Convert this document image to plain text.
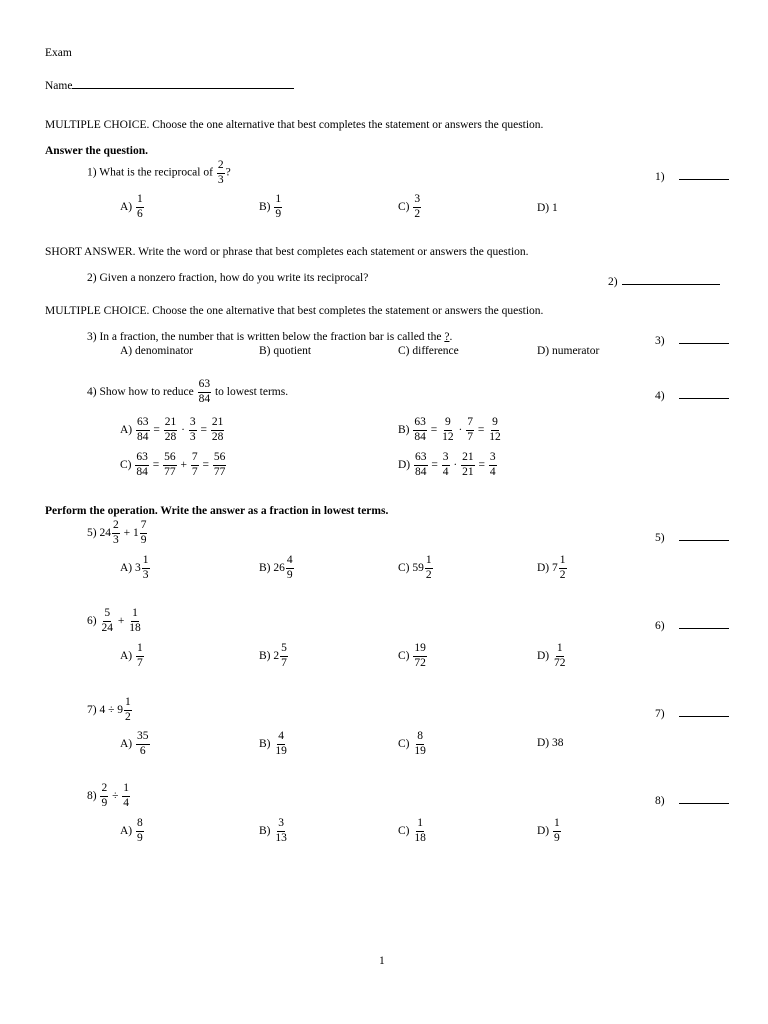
Exam
Name
MULTIPLE CHOICE. Choose the one alternative that best completes the statement or answers the question.
Answer the question.
1) What is the reciprocal of $\frac{2}{3}$ ?	1)
$A) \frac{1}{6}$	$B) \frac{1}{9}$	$C) \frac{3}{2}$	D) 1
SHORT ANSWER. Write the word or phrase that best completes each statement or answers the question.
2) Given a nonzero fraction, how do you write its reciprocal?	2)
MULTIPLE CHOICE. Choose the one alternative that best completes the statement or answers the question.
3) In a fraction, the number that is written below the fraction bar is called the ?.	3)
A) denominator	B) quotient	C) difference	D) numerator
4) Show how to reduce $\frac{63}{84}$ to lowest terms.	4)
$A) \frac{63}{84} = \frac{21}{28} \cdot \frac{3}{3} = \frac{21}{28}$	$B) \frac{63}{84} = \frac{9}{12} \cdot \frac{7}{7} = \frac{9}{12}$
$C) \frac{63}{84} = \frac{56}{77} + \frac{7}{7} = \frac{56}{77}$	$D) \frac{63}{84} = \frac{3}{4} \cdot \frac{21}{21} = \frac{3}{4}$
Perform the operation. Write the answer as a fraction in lowest terms.
5) $24 \frac{2}{3} + 1 \frac{7}{9}$	5)
A) $3 \frac{1}{3}$	B) $26 \frac{4}{9}$	C) $59 \frac{1}{2}$	D) $7 \frac{1}{2}$
$6) \frac{5}{24} + \frac{1}{18}$	6)
$A) \frac{1}{7}$	B) $2 \frac{5}{7}$	$C) \frac{19}{72}$	$D) \frac{1}{72}$
7) $4 \div 9 \frac{1}{2}$	7)
$A) \frac{35}{6}$	$B) \frac{4}{19}$	$C) \frac{8}{19}$	D) 38
$8) \frac{2}{9} \div \frac{1}{4}$	8)
$A) \frac{8}{9}$	$B) \frac{3}{13}$	$C) \frac{1}{18}$	$D) \frac{1}{9}$
1
